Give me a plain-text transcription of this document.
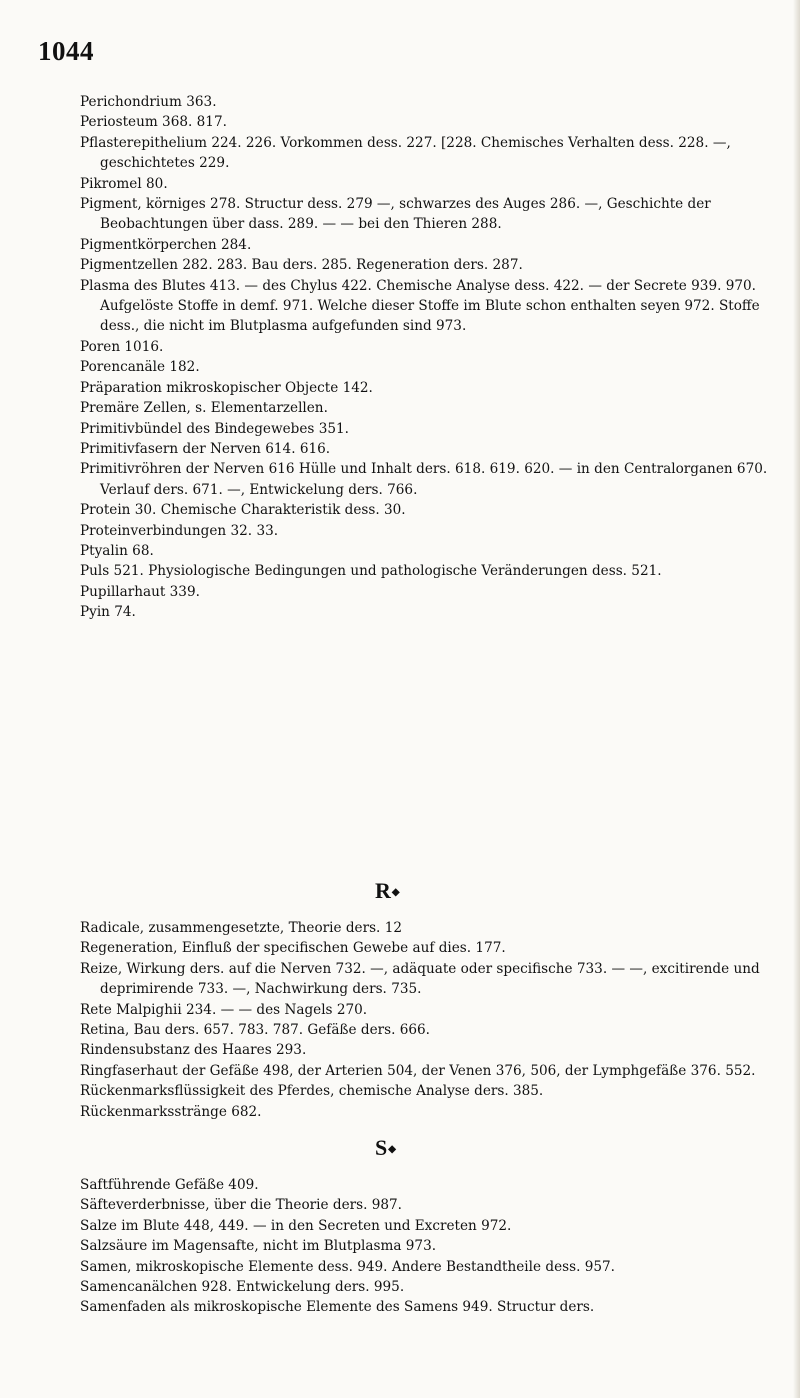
1044
Perichondrium 363.
Periosteum 368. 817.
Pflasterepithelium 224. 226. Vorkommen dess. 227. [228. Chemisches Verhalten dess. 228. —, geschichtetes 229.
Pikromel 80.
Pigment, körniges 278. Structur dess. 279 —, schwarzes des Auges 286. —, Geschichte der Beobachtungen über dass. 289. — — bei den Thieren 288.
Pigmentkörperchen 284.
Pigmentzellen 282. 283. Bau ders. 285. Regeneration ders. 287.
Plasma des Blutes 413. — des Chylus 422. Chemische Analyse dess. 422. — der Secrete 939. 970. Aufgelöste Stoffe in demf. 971. Welche dieser Stoffe im Blute schon enthalten seyen 972. Stoffe dess., die nicht im Blutplasma aufgefunden sind 973.
Poren 1016.
Porencanäle 182.
Präparation mikroskopischer Objecte 142.
Premäre Zellen, s. Elementarzellen.
Primitivbündel des Bindegewebes 351.
Primitivfasern der Nerven 614. 616.
Primitivröhren der Nerven 616 Hülle und Inhalt ders. 618. 619. 620. — in den Centralorganen 670. Verlauf ders. 671. —, Entwickelung ders. 766.
Protein 30. Chemische Charakteristik dess. 30.
Proteinverbindungen 32. 33.
Ptyalin 68.
Puls 521. Physiologische Bedingungen und pathologische Veränderungen dess. 521.
Pupillarhaut 339.
Pyin 74.
R◆
Radicale, zusammengesetzte, Theorie ders. 12
Regeneration, Einfluß der specifischen Gewebe auf dies. 177.
Reize, Wirkung ders. auf die Nerven 732. —, adäquate oder specifische 733. — —, excitirende und deprimirende 733. —, Nachwirkung ders. 735.
Rete Malpighii 234. — — des Nagels 270.
Retina, Bau ders. 657. 783. 787. Gefäße ders. 666.
Rindensubstanz des Haares 293.
Ringfaserhaut der Gefäße 498, der Arterien 504, der Venen 376, 506, der Lymphgefäße 376. 552.
Rückenmarksflüssigkeit des Pferdes, chemische Analyse ders. 385.
Rückenmarksstränge 682.
S◆
Saftführende Gefäße 409.
Säfteverderbnisse, über die Theorie ders. 987.
Salze im Blute 448, 449. — in den Secreten und Excreten 972.
Salzsäure im Magensafte, nicht im Blutplasma 973.
Samen, mikroskopische Elemente dess. 949. Andere Bestandtheile dess. 957.
Samencanälchen 928. Entwickelung ders. 995.
Samenfaden als mikroskopische Elemente des Samens 949. Structur ders.
